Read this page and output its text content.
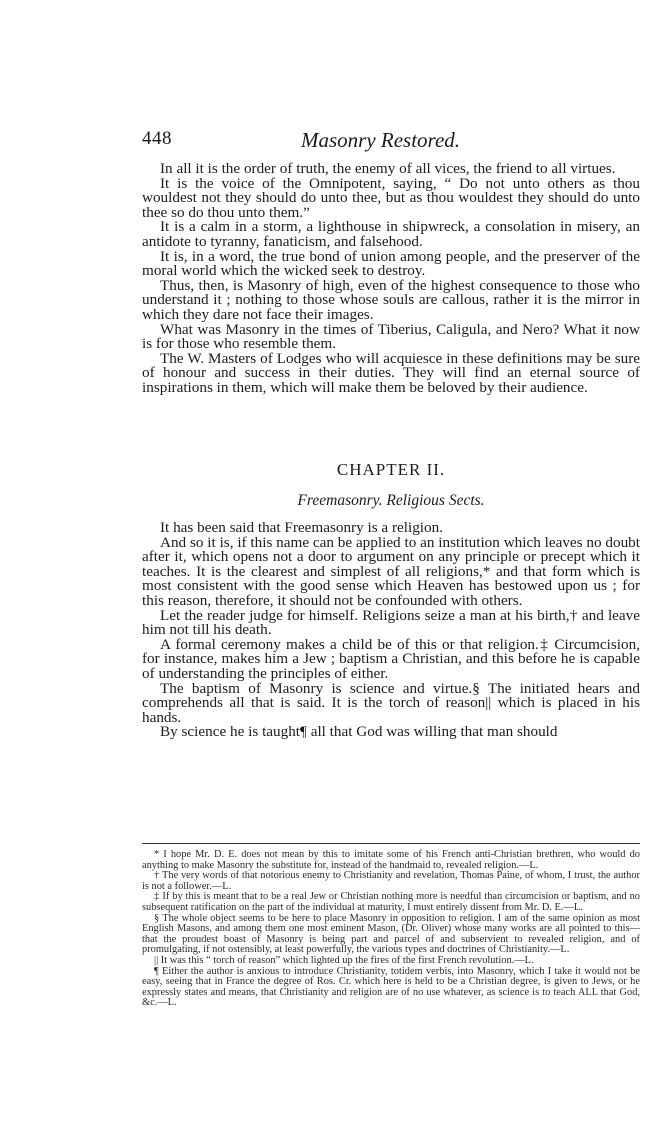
448	Masonry Restored.

In all it is the order of truth, the enemy of all vices, the friend to all virtues.

It is the voice of the Omnipotent, saying, “ Do not unto others as thou wouldest not they should do unto thee, but as thou wouldest they should do unto thee so do thou unto them.”

It is a calm in a storm, a lighthouse in shipwreck, a consolation in misery, an antidote to tyranny, fanaticism, and falsehood.

It is, in a word, the true bond of union among people, and the preserver of the moral world which the wicked seek to destroy.

Thus, then, is Masonry of high, even of the highest consequence to those who understand it ; nothing to those whose souls are callous, rather it is the mirror in which they dare not face their images.

What was Masonry in the times of Tiberius, Caligula, and Nero? What it now is for those who resemble them.

The W. Masters of Lodges who will acquiesce in these definitions may be sure of honour and success in their duties. They will find an eternal source of inspirations in them, which will make them be beloved by their audience.

CHAPTER II.
Freemasonry. Religious Sects.

It has been said that Freemasonry is a religion.

And so it is, if this name can be applied to an institution which leaves no doubt after it, which opens not a door to argument on any principle or precept which it teaches. It is the clearest and simplest of all religions,* and that form which is most consistent with the good sense which Heaven has bestowed upon us ; for this reason, therefore, it should not be confounded with others.

Let the reader judge for himself. Religions seize a man at his birth,† and leave him not till his death.

A formal ceremony makes a child be of this or that religion.‡ Circumcision, for instance, makes him a Jew ; baptism a Christian, and this before he is capable of understanding the principles of either.

The baptism of Masonry is science and virtue.§ The initiated hears and comprehends all that is said. It is the torch of reason|| which is placed in his hands.

By science he is taught¶ all that God was willing that man should

* I hope Mr. D. E. does not mean by this to imitate some of his French anti-Christian brethren, who would do anything to make Masonry the substitute for, instead of the handmaid to, revealed religion.—L.

† The very words of that notorious enemy to Christianity and revelation, Thomas Paine, of whom, I trust, the author is not a follower.—L.

‡ If by this is meant that to be a real Jew or Christian nothing more is needful than circumcision or baptism, and no subsequent ratification on the part of the individual at maturity, I must entirely dissent from Mr. D. E.—L.

§ The whole object seems to be here to place Masonry in opposition to religion. I am of the same opinion as most English Masons, and among them one most eminent Mason, (Dr. Oliver) whose many works are all pointed to this—that the proudest boast of Masonry is being part and parcel of and subservient to revealed religion, and of promulgating, if not ostensibly, at least powerfully, the various types and doctrines of Christianity.—L.

|| It was this “ torch of reason” which lighted up the fires of the first French revolution.—L.

¶ Either the author is anxious to introduce Christianity, totidem verbis, into Masonry, which I take it would not be easy, seeing that in France the degree of Ros. Cr. which here is held to be a Christian degree, is given to Jews, or he expressly states and means, that Christianity and religion are of no use whatever, as science is to teach ALL that God, &c.—L.
